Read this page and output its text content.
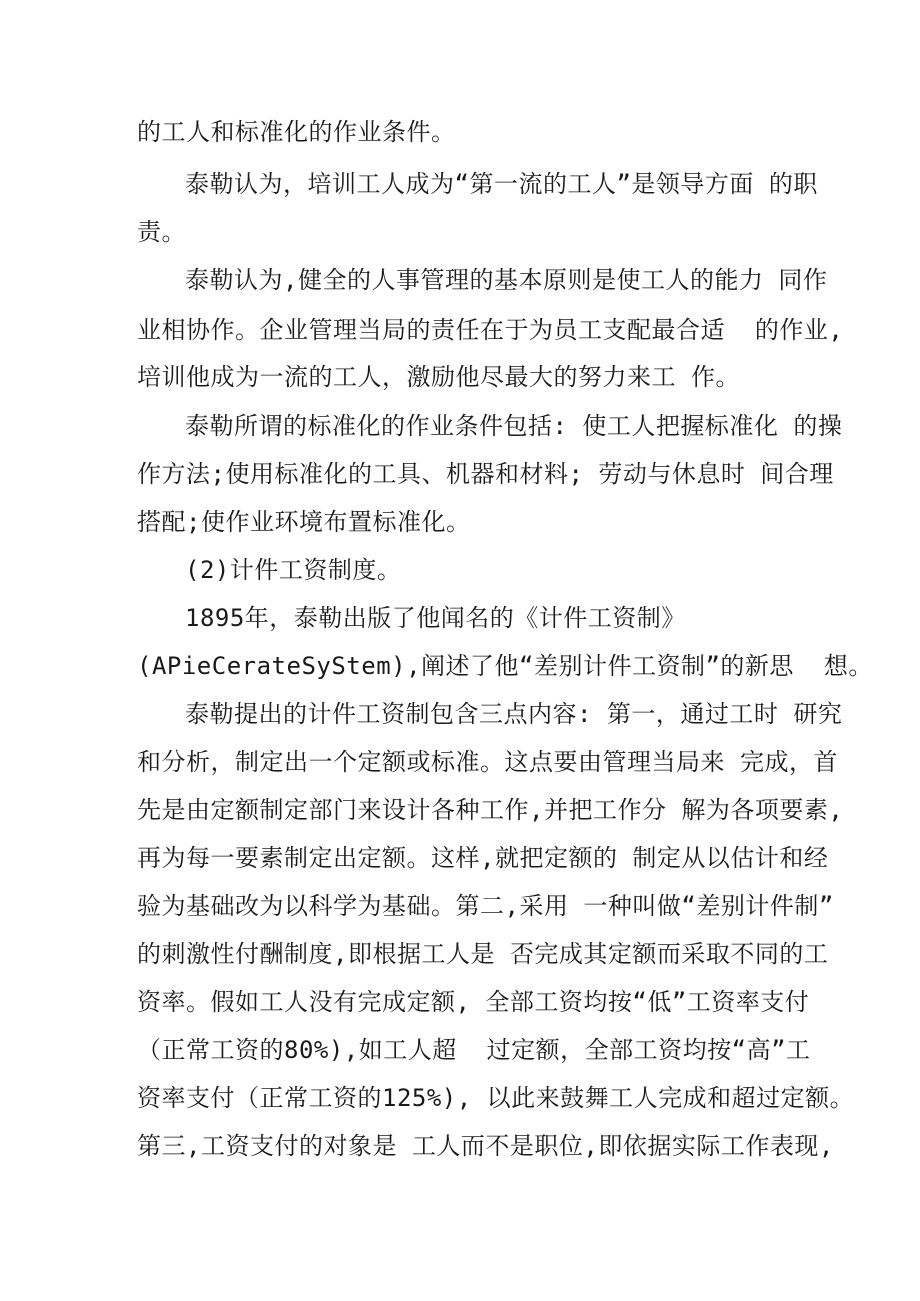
的工人和标准化的作业条件。
泰勒认为，培训工人成为“第一流的工人”是领导方面 的职
责。
泰勒认为,健全的人事管理的基本原则是使工人的能力 同作
业相协作。企业管理当局的责任在于为员工支配最合适  的作业,
培训他成为一流的工人，激励他尽最大的努力来工 作。
泰勒所谓的标准化的作业条件包括: 使工人把握标准化 的操
作方法;使用标准化的工具、机器和材料; 劳动与休息时 间合理
搭配;使作业环境布置标准化。
(2)计件工资制度。
1895年，泰勒出版了他闻名的《计件工资制》
(APieCerateSyStem),阐述了他“差别计件工资制”的新思  想。
泰勒提出的计件工资制包含三点内容: 第一，通过工时 研究
和分析，制定出一个定额或标准。这点要由管理当局来 完成，首
先是由定额制定部门来设计各种工作,并把工作分 解为各项要素,
再为每一要素制定出定额。这样,就把定额的 制定从以估计和经
验为基础改为以科学为基础。第二,采用 一种叫做“差别计件制”
的刺激性付酬制度,即根据工人是 否完成其定额而采取不同的工
资率。假如工人没有完成定额, 全部工资均按“低”工资率支付
（正常工资的80%),如工人超  过定额，全部工资均按“高”工
资率支付（正常工资的125%), 以此来鼓舞工人完成和超过定额。
第三,工资支付的对象是 工人而不是职位,即依据实际工作表现,
